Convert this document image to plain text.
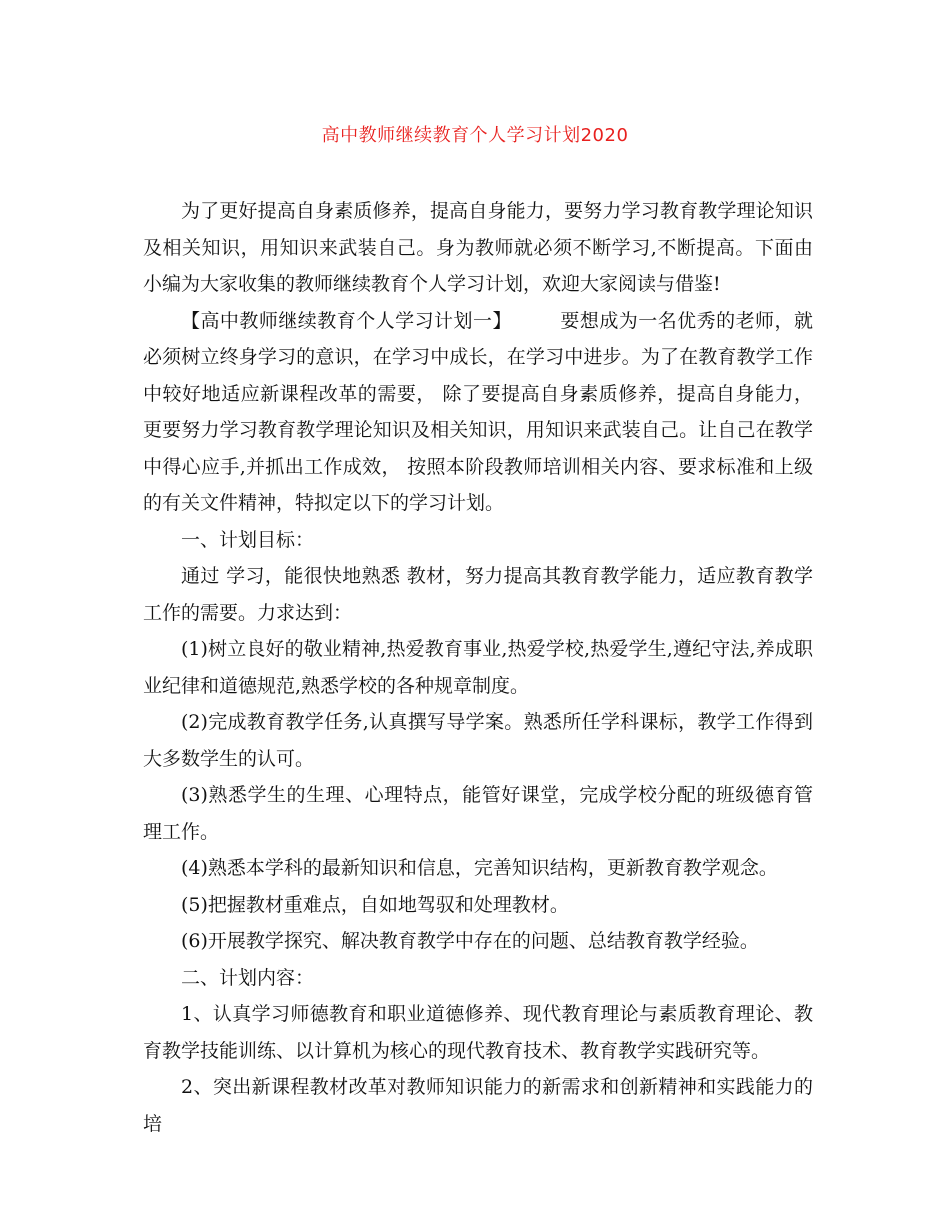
高中教师继续教育个人学习计划2020

为了更好提高自身素质修养，提高自身能力，要努力学习教育教学理论知识及相关知识，用知识来武装自己。身为教师就必须不断学习,不断提高。下面由小编为大家收集的教师继续教育个人学习计划，欢迎大家阅读与借鉴!

【高中教师继续教育个人学习计划一】	要想成为一名优秀的老师，就必须树立终身学习的意识，在学习中成长，在学习中进步。为了在教育教学工作中较好地适应新课程改革的需要， 除了要提高自身素质修养，提高自身能力，更要努力学习教育教学理论知识及相关知识，用知识来武装自己。让自己在教学中得心应手,并抓出工作成效， 按照本阶段教师培训相关内容、要求标准和上级的有关文件精神，特拟定以下的学习计划。

一、计划目标：

通过 学习，能很快地熟悉 教材，努力提高其教育教学能力，适应教育教学工作的需要。力求达到：

(1)树立良好的敬业精神,热爱教育事业,热爱学校,热爱学生,遵纪守法,养成职业纪律和道德规范,熟悉学校的各种规章制度。

(2)完成教育教学任务,认真撰写导学案。熟悉所任学科课标，教学工作得到大多数学生的认可。

(3)熟悉学生的生理、心理特点，能管好课堂，完成学校分配的班级德育管理工作。

(4)熟悉本学科的最新知识和信息，完善知识结构，更新教育教学观念。

(5)把握教材重难点，自如地驾驭和处理教材。

(6)开展教学探究、解决教育教学中存在的问题、总结教育教学经验。

二、计划内容：

1、认真学习师德教育和职业道德修养、现代教育理论与素质教育理论、教育教学技能训练、以计算机为核心的现代教育技术、教育教学实践研究等。

2、突出新课程教材改革对教师知识能力的新需求和创新精神和实践能力的培
